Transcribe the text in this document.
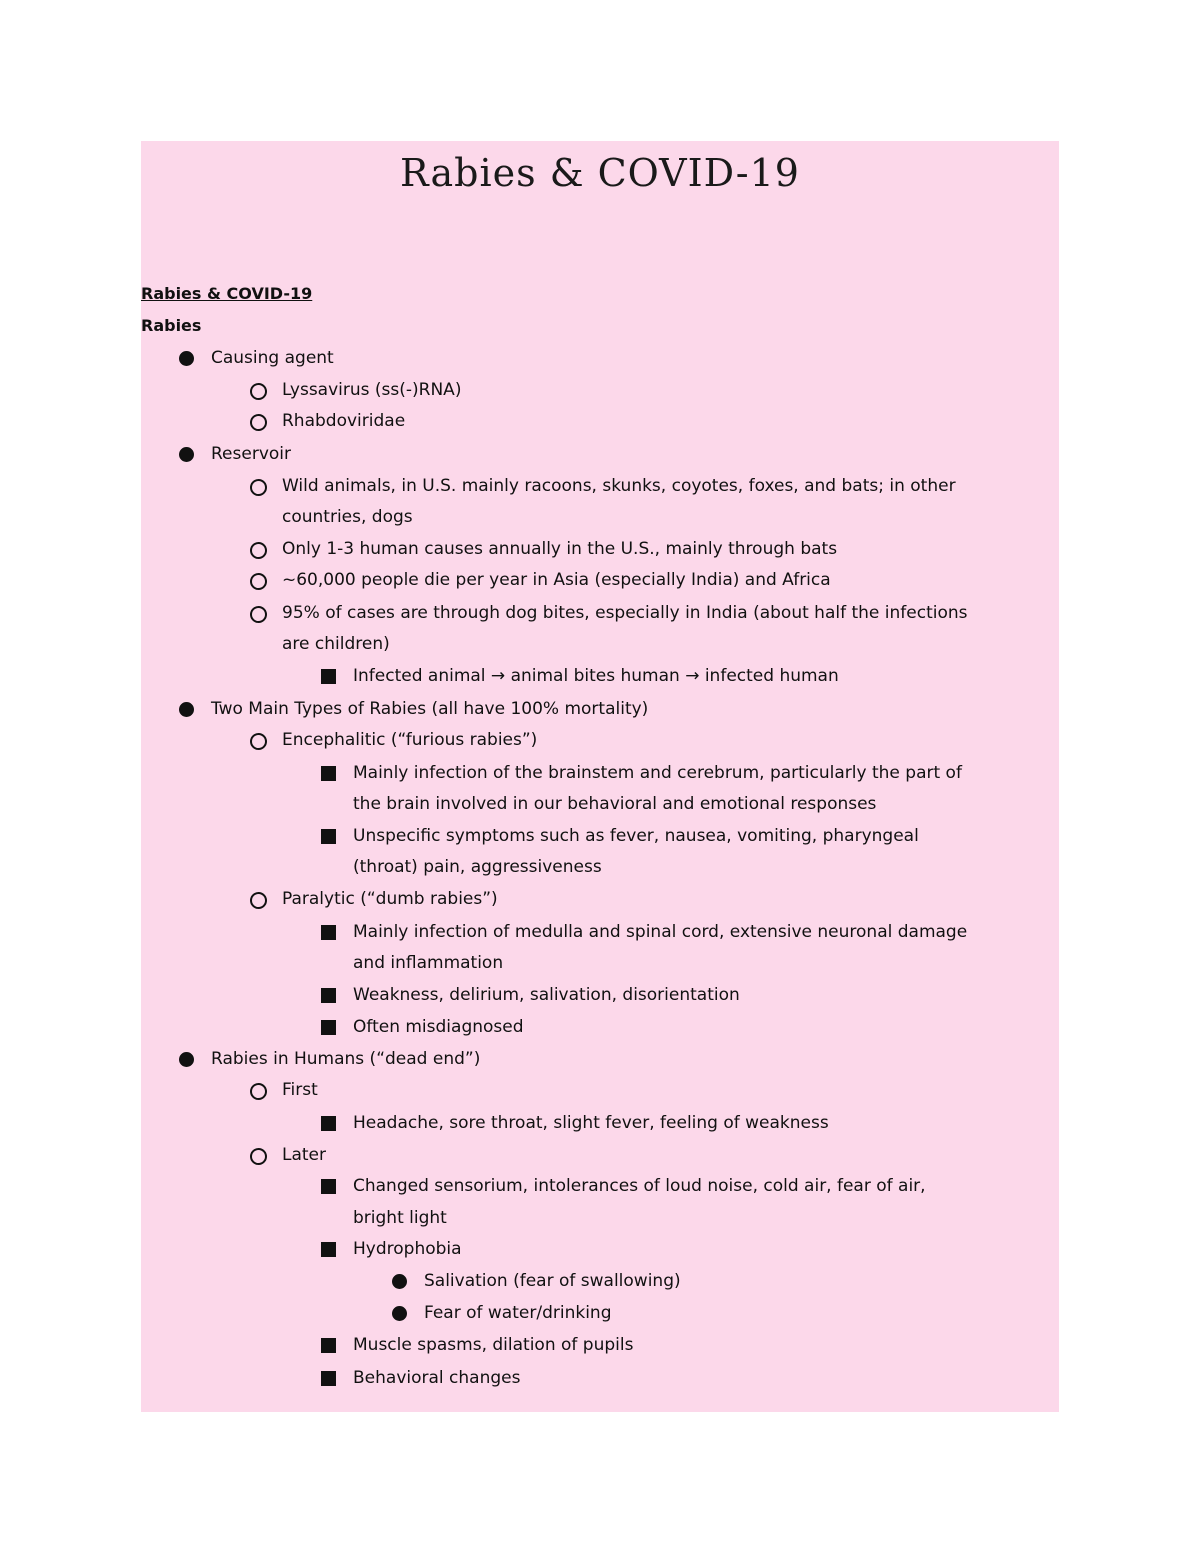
Rabies & COVID-19
Rabies & COVID-19
Rabies
Causing agent
Lyssavirus (ss(-)RNA)
Rhabdoviridae
Reservoir
Wild animals, in U.S. mainly racoons, skunks, coyotes, foxes, and bats; in other
countries, dogs
Only 1-3 human causes annually in the U.S., mainly through bats
~60,000 people die per year in Asia (especially India) and Africa
95% of cases are through dog bites, especially in India (about half the infections
are children)
Infected animal → animal bites human → infected human
Two Main Types of Rabies (all have 100% mortality)
Encephalitic (“furious rabies”)
Mainly infection of the brainstem and cerebrum, particularly the part of
the brain involved in our behavioral and emotional responses
Unspecific symptoms such as fever, nausea, vomiting, pharyngeal
(throat) pain, aggressiveness
Paralytic (“dumb rabies”)
Mainly infection of medulla and spinal cord, extensive neuronal damage
and inflammation
Weakness, delirium, salivation, disorientation
Often misdiagnosed
Rabies in Humans (“dead end”)
First
Headache, sore throat, slight fever, feeling of weakness
Later
Changed sensorium, intolerances of loud noise, cold air, fear of air,
bright light
Hydrophobia
Salivation (fear of swallowing)
Fear of water/drinking
Muscle spasms, dilation of pupils
Behavioral changes
